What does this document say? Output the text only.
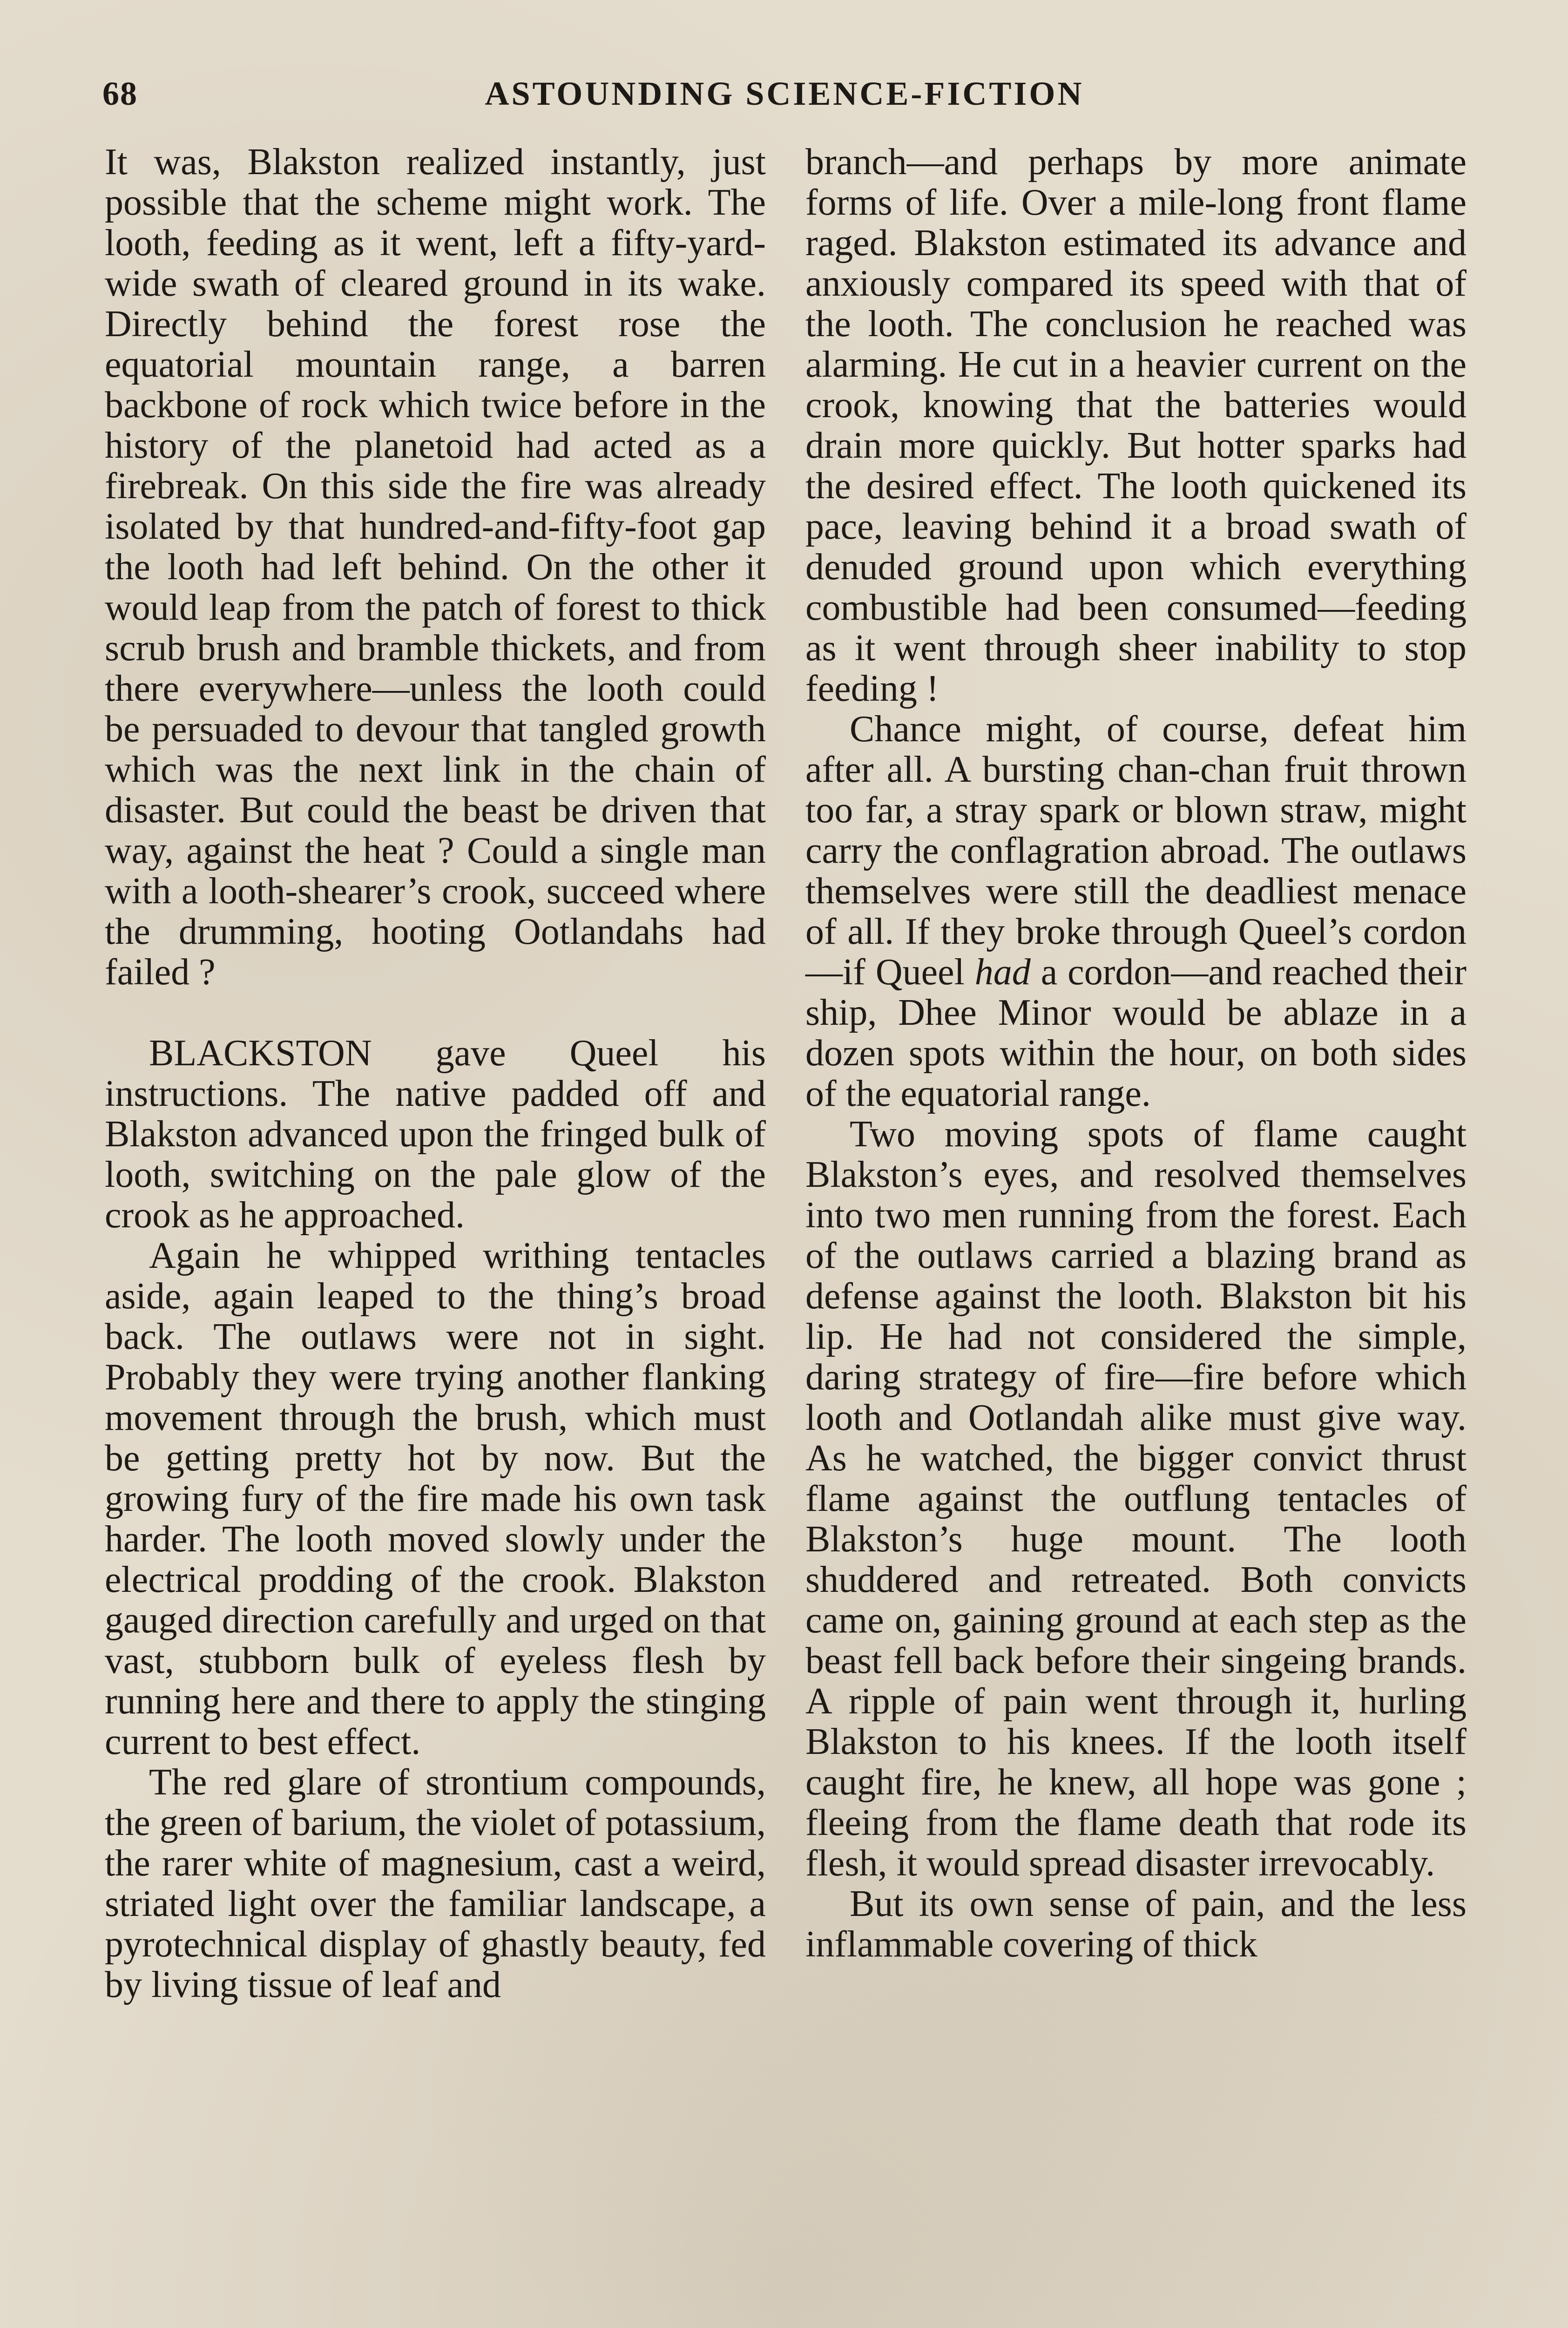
68	ASTOUNDING SCIENCE-FICTION

It was, Blakston realized instantly, just possible that the scheme might work. The looth, feeding as it went, left a fifty-yard-wide swath of cleared ground in its wake. Directly behind the forest rose the equatorial mountain range, a barren backbone of rock which twice before in the history of the planetoid had acted as a firebreak. On this side the fire was already isolated by that hundred-and-fifty-foot gap the looth had left behind. On the other it would leap from the patch of forest to thick scrub brush and bramble thickets, and from there everywhere—unless the looth could be persuaded to devour that tangled growth which was the next link in the chain of disaster. But could the beast be driven that way, against the heat ? Could a single man with a looth-shearer’s crook, succeed where the drumming, hooting Ootlandahs had failed ?

BLACKSTON gave Queel his instructions. The native padded off and Blakston advanced upon the fringed bulk of looth, switching on the pale glow of the crook as he approached.

Again he whipped writhing tentacles aside, again leaped to the thing’s broad back. The outlaws were not in sight. Probably they were trying another flanking movement through the brush, which must be getting pretty hot by now. But the growing fury of the fire made his own task harder. The looth moved slowly under the electrical prodding of the crook. Blakston gauged direction carefully and urged on that vast, stubborn bulk of eyeless flesh by running here and there to apply the stinging current to best effect.

The red glare of strontium compounds, the green of barium, the violet of potassium, the rarer white of magnesium, cast a weird, striated light over the familiar landscape, a pyrotechnical display of ghastly beauty, fed by living tissue of leaf and

branch—and perhaps by more animate forms of life. Over a mile-long front flame raged. Blakston estimated its advance and anxiously compared its speed with that of the looth. The conclusion he reached was alarming. He cut in a heavier current on the crook, knowing that the batteries would drain more quickly. But hotter sparks had the desired effect. The looth quickened its pace, leaving behind it a broad swath of denuded ground upon which everything combustible had been consumed—feeding as it went through sheer inability to stop feeding !

Chance might, of course, defeat him after all. A bursting chan-chan fruit thrown too far, a stray spark or blown straw, might carry the conflagration abroad. The outlaws themselves were still the deadliest menace of all. If they broke through Queel’s cordon—if Queel had a cordon—and reached their ship, Dhee Minor would be ablaze in a dozen spots within the hour, on both sides of the equatorial range.

Two moving spots of flame caught Blakston’s eyes, and resolved themselves into two men running from the forest. Each of the outlaws carried a blazing brand as defense against the looth. Blakston bit his lip. He had not considered the simple, daring strategy of fire—fire before which looth and Ootlandah alike must give way. As he watched, the bigger convict thrust flame against the outflung tentacles of Blakston’s huge mount. The looth shuddered and retreated. Both convicts came on, gaining ground at each step as the beast fell back before their singeing brands. A ripple of pain went through it, hurling Blakston to his knees. If the looth itself caught fire, he knew, all hope was gone ; fleeing from the flame death that rode its flesh, it would spread disaster irrevocably.

But its own sense of pain, and the less inflammable covering of thick
